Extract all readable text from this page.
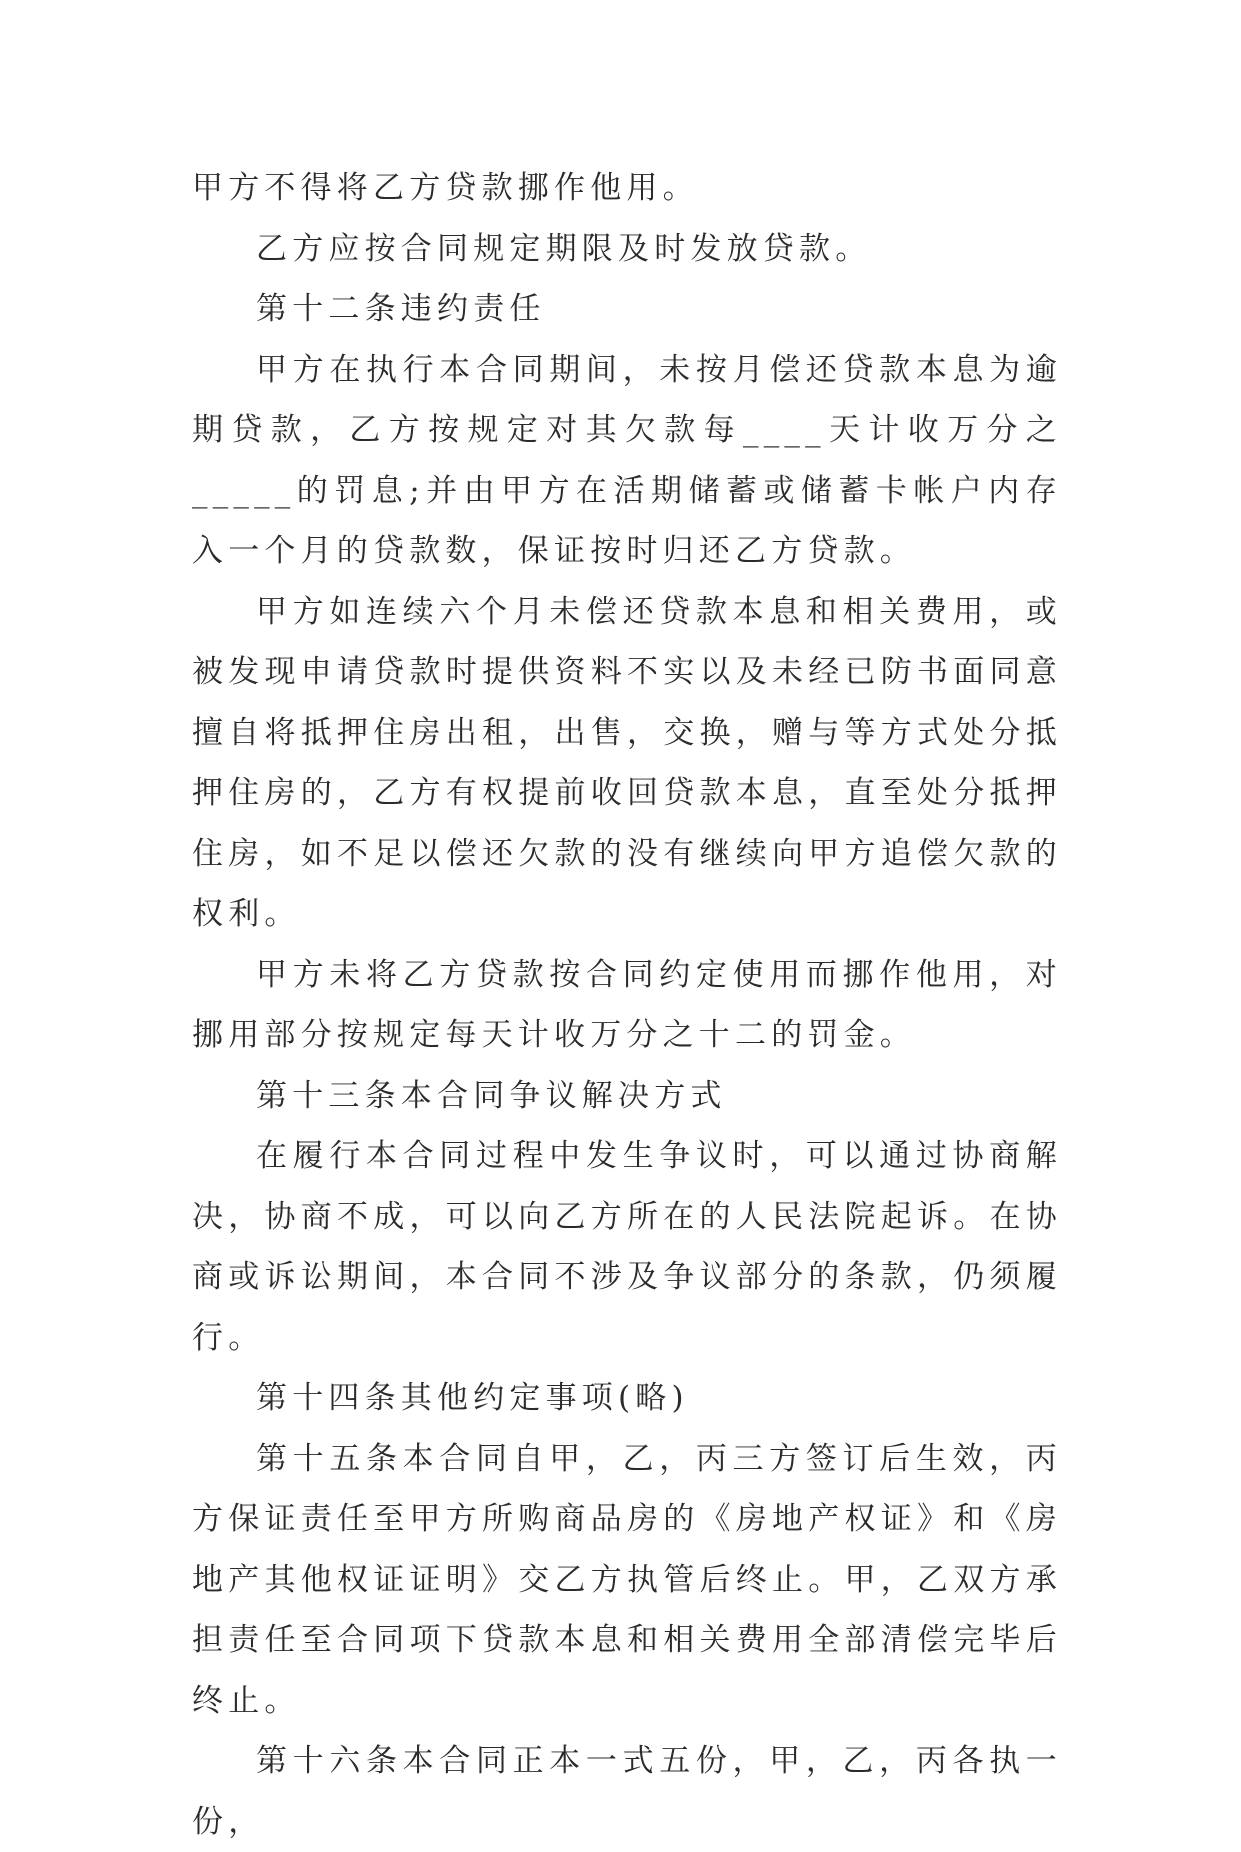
甲方不得将乙方贷款挪作他用。

乙方应按合同规定期限及时发放贷款。

第十二条违约责任

甲方在执行本合同期间，未按月偿还贷款本息为逾期贷款，乙方按规定对其欠款每____天计收万分之_____的罚息;并由甲方在活期储蓄或储蓄卡帐户内存入一个月的贷款数，保证按时归还乙方贷款。

甲方如连续六个月未偿还贷款本息和相关费用，或被发现申请贷款时提供资料不实以及未经已防书面同意擅自将抵押住房出租，出售，交换，赠与等方式处分抵押住房的，乙方有权提前收回贷款本息，直至处分抵押住房，如不足以偿还欠款的没有继续向甲方追偿欠款的权利。

甲方未将乙方贷款按合同约定使用而挪作他用，对挪用部分按规定每天计收万分之十二的罚金。

第十三条本合同争议解决方式

在履行本合同过程中发生争议时，可以通过协商解决，协商不成，可以向乙方所在的人民法院起诉。在协商或诉讼期间，本合同不涉及争议部分的条款，仍须履行。

第十四条其他约定事项(略)

第十五条本合同自甲，乙，丙三方签订后生效，丙方保证责任至甲方所购商品房的《房地产权证》和《房地产其他权证证明》交乙方执管后终止。甲，乙双方承担责任至合同项下贷款本息和相关费用全部清偿完毕后终止。

第十六条本合同正本一式五份，甲，乙，丙各执一份，
